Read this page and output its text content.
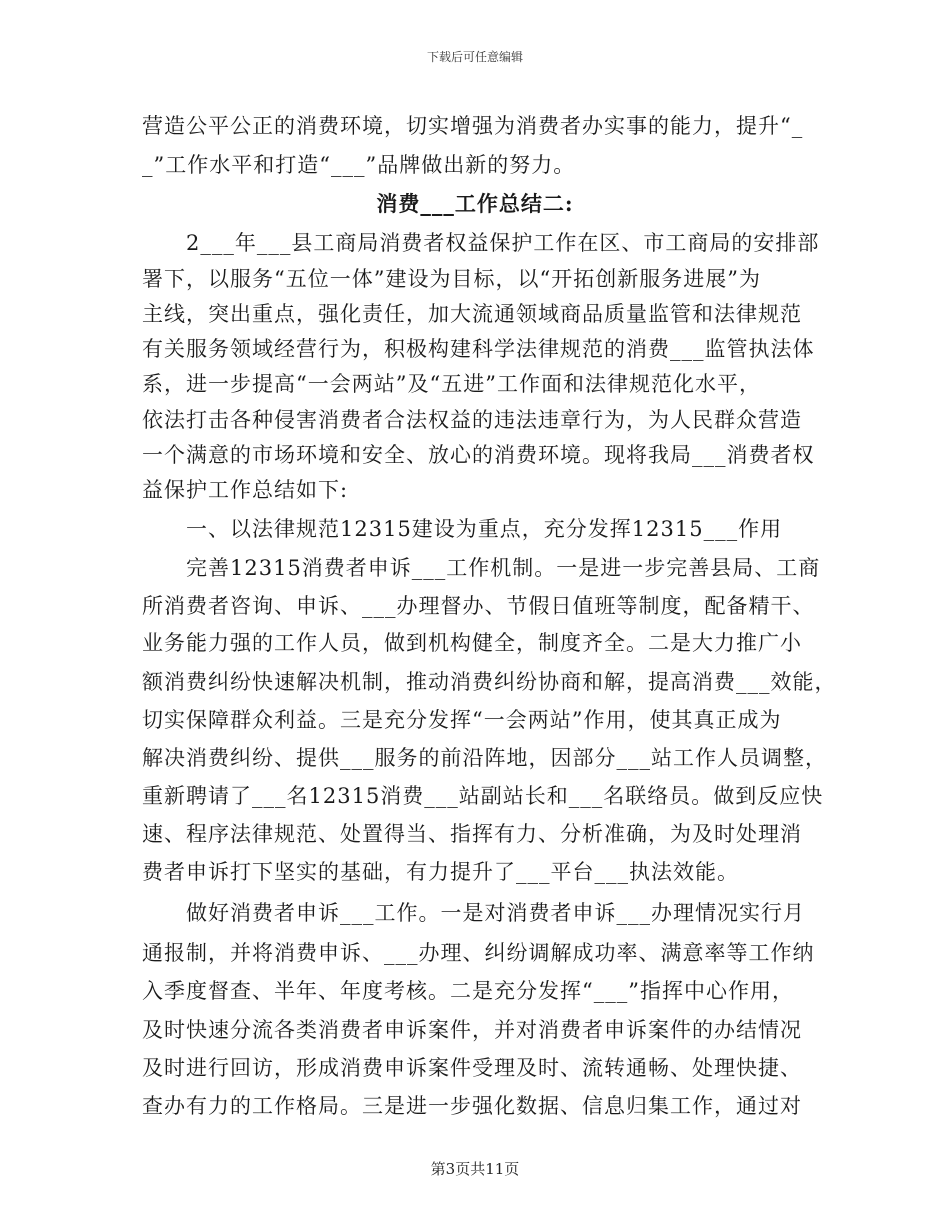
下载后可任意编辑
营造公平公正的消费环境，切实增强为消费者办实事的能力，提升“_
_”工作水平和打造“___”品牌做出新的努力。
消费___工作总结二:
　　2___年___县工商局消费者权益保护工作在区、市工商局的安排部
署下，以服务“五位一体”建设为目标，以“开拓创新服务进展”为
主线，突出重点，强化责任，加大流通领域商品质量监管和法律规范
有关服务领域经营行为，积极构建科学法律规范的消费___监管执法体
系，进一步提高“一会两站”及“五进”工作面和法律规范化水平，
依法打击各种侵害消费者合法权益的违法违章行为，为人民群众营造
一个满意的市场环境和安全、放心的消费环境。现将我局___消费者权
益保护工作总结如下:
　　一、以法律规范12315建设为重点，充分发挥12315___作用
　　完善12315消费者申诉___工作机制。一是进一步完善县局、工商
所消费者咨询、申诉、___办理督办、节假日值班等制度，配备精干、
业务能力强的工作人员，做到机构健全，制度齐全。二是大力推广小
额消费纠纷快速解决机制，推动消费纠纷协商和解，提高消费___效能，
切实保障群众利益。三是充分发挥“一会两站”作用，使其真正成为
解决消费纠纷、提供___服务的前沿阵地，因部分___站工作人员调整，
重新聘请了___名12315消费___站副站长和___名联络员。做到反应快
速、程序法律规范、处置得当、指挥有力、分析准确，为及时处理消
费者申诉打下坚实的基础，有力提升了___平台___执法效能。
　　做好消费者申诉___工作。一是对消费者申诉___办理情况实行月
通报制，并将消费申诉、___办理、纠纷调解成功率、满意率等工作纳
入季度督查、半年、年度考核。二是充分发挥“___”指挥中心作用，
及时快速分流各类消费者申诉案件，并对消费者申诉案件的办结情况
及时进行回访，形成消费申诉案件受理及时、流转通畅、处理快捷、
查办有力的工作格局。三是进一步强化数据、信息归集工作，通过对
第3页共11页
